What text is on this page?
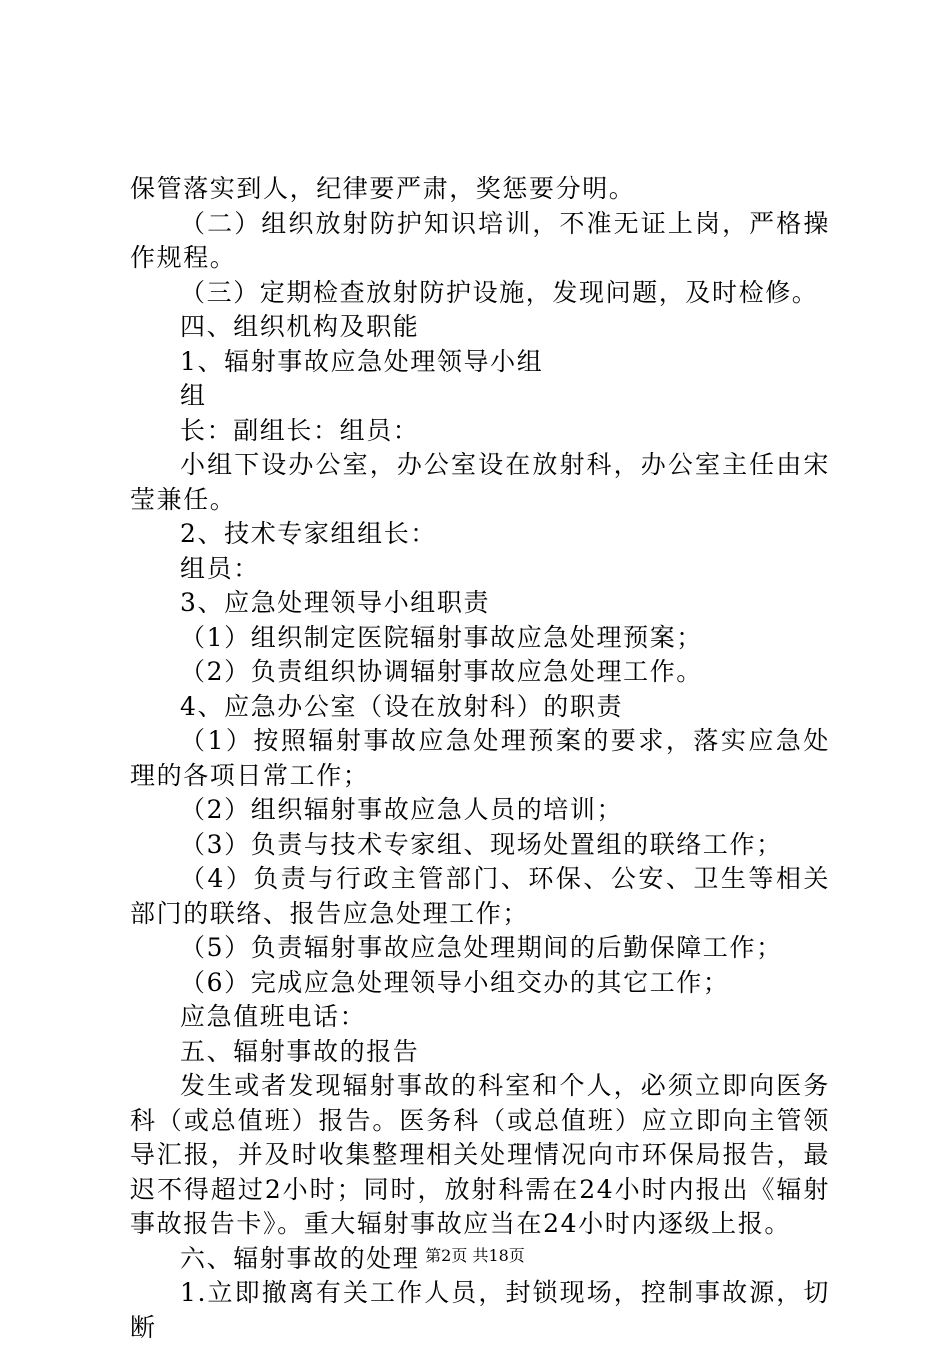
保管落实到人，纪律要严肃，奖惩要分明。

（二）组织放射防护知识培训，不准无证上岗，严格操作规程。

（三）定期检查放射防护设施，发现问题，及时检修。

四、组织机构及职能

1、辐射事故应急处理领导小组

组

长：副组长：组员：

小组下设办公室，办公室设在放射科，办公室主任由宋莹兼任。

2、技术专家组组长：

组员：

3、应急处理领导小组职责

（1）组织制定医院辐射事故应急处理预案；

（2）负责组织协调辐射事故应急处理工作。

4、应急办公室（设在放射科）的职责

（1）按照辐射事故应急处理预案的要求，落实应急处理的各项日常工作；

（2）组织辐射事故应急人员的培训；

（3）负责与技术专家组、现场处置组的联络工作；

（4）负责与行政主管部门、环保、公安、卫生等相关部门的联络、报告应急处理工作；

（5）负责辐射事故应急处理期间的后勤保障工作；

（6）完成应急处理领导小组交办的其它工作；

应急值班电话：

五、辐射事故的报告

发生或者发现辐射事故的科室和个人，必须立即向医务科（或总值班）报告。医务科（或总值班）应立即向主管领导汇报，并及时收集整理相关处理情况向市环保局报告，最迟不得超过2小时；同时，放射科需在24小时内报出《辐射事故报告卡》。重大辐射事故应当在24小时内逐级上报。

六、辐射事故的处理

1.立即撤离有关工作人员，封锁现场，控制事故源，切断

第2页 共18页
